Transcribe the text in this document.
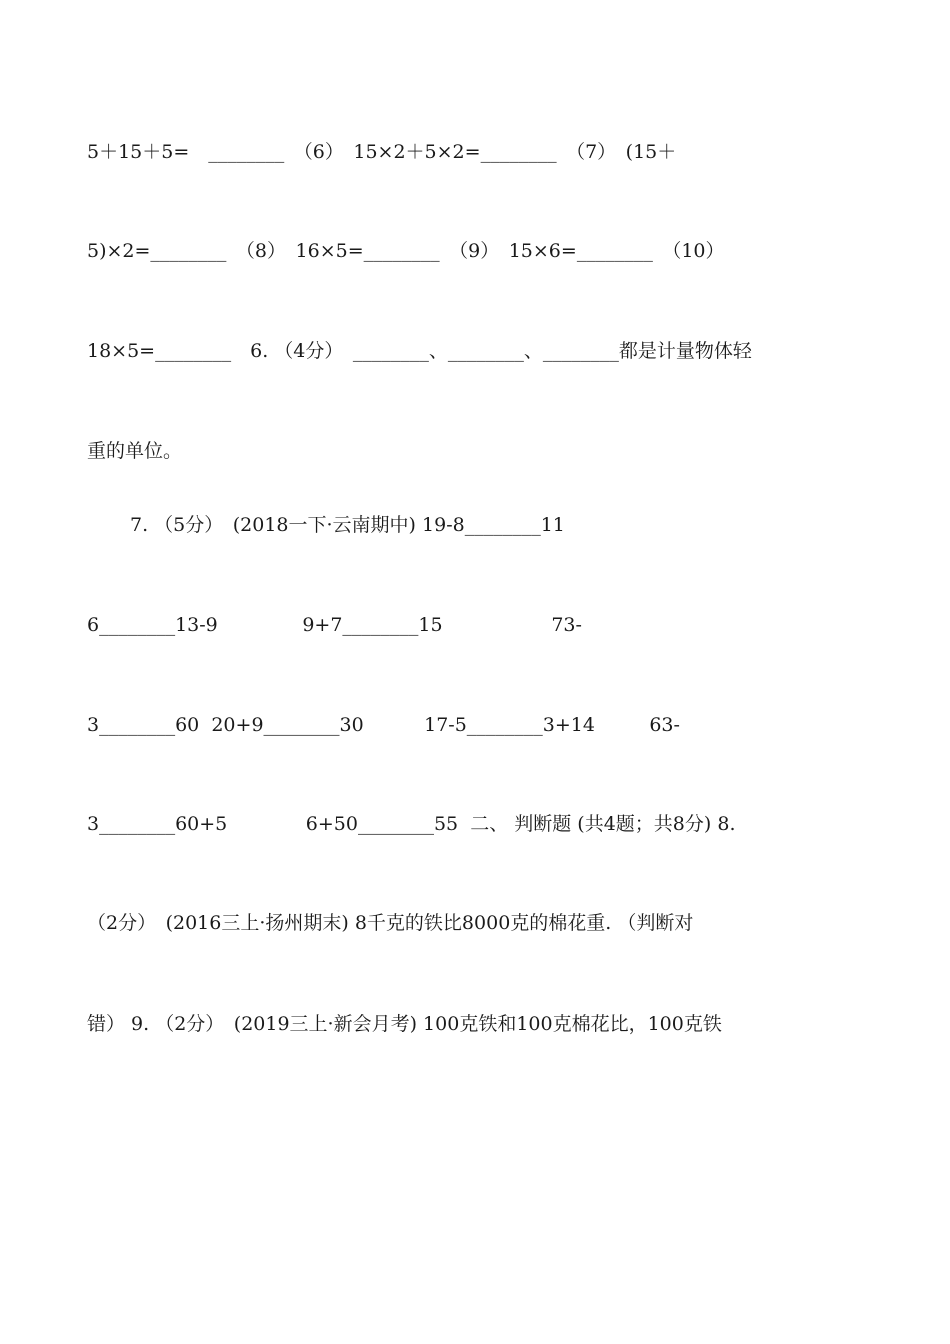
5＋15＋5=　________　（6）　15×2＋5×2=________　（7）　(15＋
5)×2=________　（8）　16×5=________　（9）　15×6=________　（10）
18×5=________　6. （4分）　________、________、________都是计量物体轻
重的单位。
7. （5分）　(2018一下·云南期中) 19-8________11
6________13-9              9+7________15                  73-
3________60  20+9________30          17-5________3+14         63-
3________60+5             6+50________55  二、 判断题 (共4题；共8分) 8.
（2分）　(2016三上·扬州期末) 8千克的铁比8000克的棉花重. （判断对
错） 9. （2分）　(2019三上·新会月考) 100克铁和100克棉花比，100克铁
